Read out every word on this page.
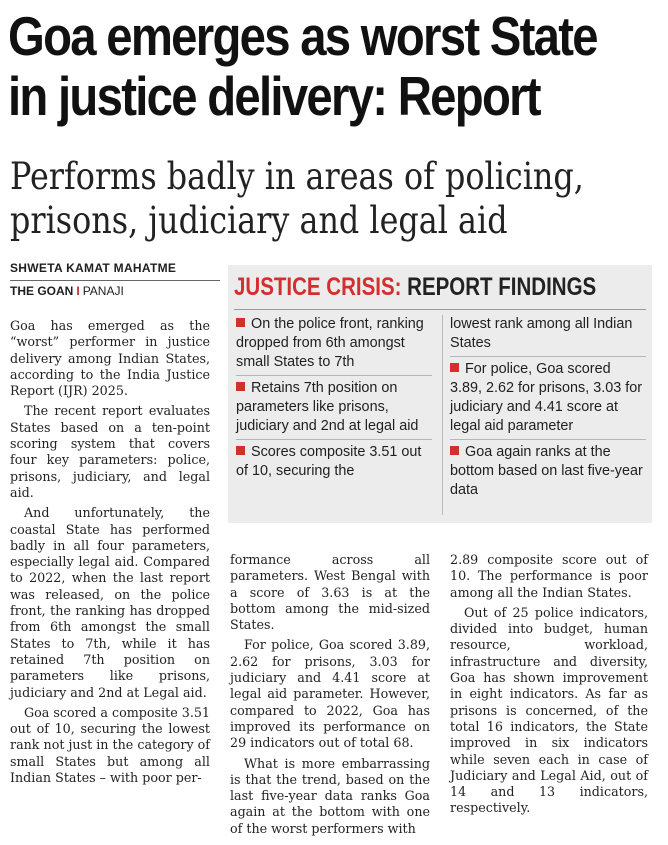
Goa emerges as worst State
in justice delivery: Report
Performs badly in areas of policing,
prisons, judiciary and legal aid
SHWETA KAMAT MAHATME
THE GOAN I PANAJI

Goa has emerged as the “worst” performer in justice delivery among Indian States, according to the India Justice Report (IJR) 2025.

The recent report evaluates States based on a ten-point scoring system that covers four key parameters: police, prisons, judiciary, and legal aid.

And unfortunately, the coastal State has performed badly in all four parameters, especially legal aid. Compared to 2022, when the last report was released, on the police front, the ranking has dropped from 6th amongst the small States to 7th, while it has retained 7th position on parameters like prisons, judiciary and 2nd at Legal aid.

Goa scored a composite 3.51 out of 10, securing the lowest rank not just in the category of small States but among all Indian States – with poor per-

JUSTICE CRISIS: REPORT FINDINGS

On the police front, ranking dropped from 6th amongst small States to 7th

Retains 7th position on parameters like prisons, judiciary and 2nd at legal aid

Scores composite 3.51 out of 10, securing the

lowest rank among all Indian States

For police, Goa scored 3.89, 2.62 for prisons, 3.03 for judiciary and 4.41 score at legal aid parameter

Goa again ranks at the bottom based on last five-year data

formance across all parameters. West Bengal with a score of 3.63 is at the bottom among the mid-sized States.

For police, Goa scored 3.89, 2.62 for prisons, 3.03 for judiciary and 4.41 score at legal aid parameter. However, compared to 2022, Goa has improved its performance on 29 indicators out of total 68.

What is more embarrassing is that the trend, based on the last five-year data ranks Goa again at the bottom with one of the worst performers with

2.89 composite score out of 10. The performance is poor among all the Indian States.

Out of 25 police indicators, divided into budget, human resource, workload, infrastructure and diversity, Goa has shown improvement in eight indicators. As far as prisons is concerned, of the total 16 indicators, the State improved in six indicators while seven each in case of Judiciary and Legal Aid, out of 14 and 13 indicators, respectively.
